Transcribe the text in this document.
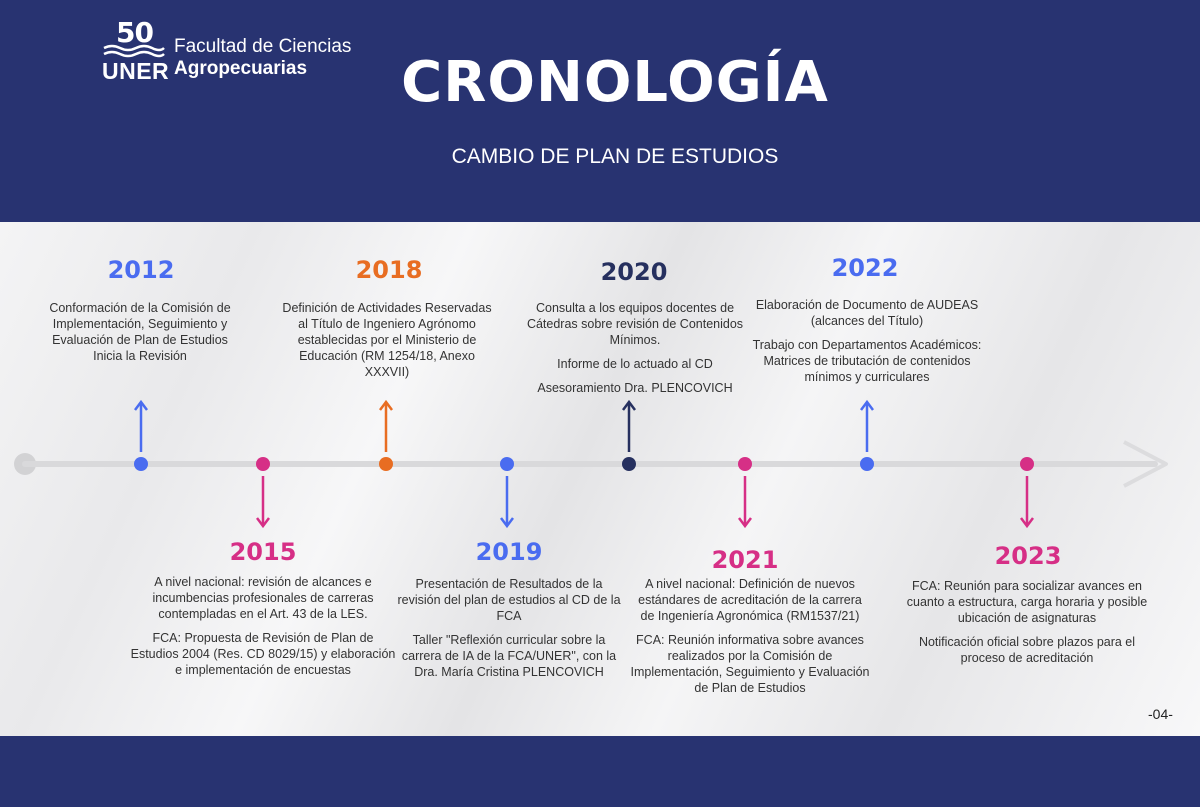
50
UNER
Facultad de Ciencias
Agropecuarias	CRONOLOGÍA
CAMBIO DE PLAN DE ESTUDIOS
2012

Conformación de la Comisión de Implementación, Seguimiento y Evaluación de Plan de Estudios Inicia la Revisión

2015

A nivel nacional: revisión de alcances e incumbencias profesionales de carreras contempladas en el Art. 43 de la LES.

FCA: Propuesta de Revisión de Plan de Estudios 2004 (Res. CD 8029/15) y elaboración e implementación de encuestas

2018

Definición de Actividades Reservadas al Título de Ingeniero Agrónomo establecidas por el Ministerio de Educación (RM 1254/18, Anexo XXXVII)

2019

Presentación de Resultados de la revisión del plan de estudios al CD de la FCA

Taller "Reflexión curricular sobre la carrera de IA de la FCA/UNER", con la Dra. María Cristina PLENCOVICH

2020

Consulta a los equipos docentes de Cátedras sobre revisión de Contenidos Mínimos.

Informe de lo actuado al CD

Asesoramiento Dra. PLENCOVICH

2021

A nivel nacional: Definición de nuevos estándares de acreditación de la carrera de Ingeniería Agronómica (RM1537/21)

FCA: Reunión informativa sobre avances realizados por la Comisión de Implementación, Seguimiento y Evaluación de Plan de Estudios

2022

Elaboración de Documento de AUDEAS (alcances del Título)

Trabajo con Departamentos Académicos: Matrices de tributación de contenidos mínimos y curriculares

2023

FCA: Reunión para socializar avances en cuanto a estructura, carga horaria y posible ubicación de asignaturas

Notificación oficial sobre plazos para el proceso de acreditación

-04-
